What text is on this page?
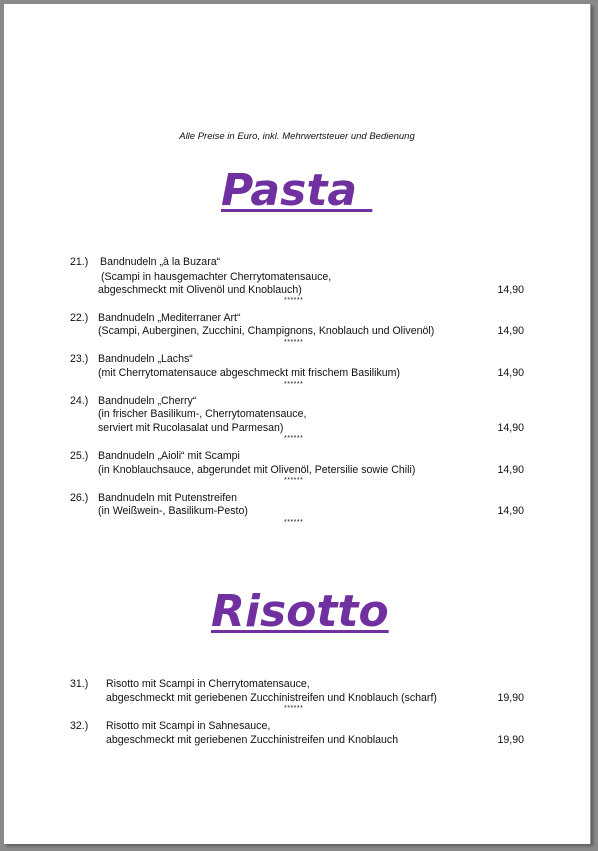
Alle Preise in Euro, inkl. Mehrwertsteuer und Bedienung
Pasta
21.) Bandnudeln „à la Buzara“
(Scampi in hausgemachter Cherrytomatensauce,
abgeschmeckt mit Olivenöl und Knoblauch)	14,90
******
22.) Bandnudeln „Mediterraner Art“
(Scampi, Auberginen, Zucchini, Champignons, Knoblauch und Olivenöl)	14,90
******
23.) Bandnudeln „Lachs“
(mit Cherrytomatensauce abgeschmeckt mit frischem Basilikum)	14,90
******
24.) Bandnudeln „Cherry“
(in frischer Basilikum-, Cherrytomatensauce,
serviert mit Rucolasalat und Parmesan)	14,90
******
25.) Bandnudeln „Aioli“ mit Scampi
(in Knoblauchsauce, abgerundet mit Olivenöl, Petersilie sowie Chili)	14,90
******
26.) Bandnudeln mit Putenstreifen
(in Weißwein-, Basilikum-Pesto)	14,90
******
Risotto
31.) Risotto mit Scampi in Cherrytomatensauce,
abgeschmeckt mit geriebenen Zucchinistreifen und Knoblauch (scharf)	19,90
******
32.) Risotto mit Scampi in Sahnesauce,
abgeschmeckt mit geriebenen Zucchinistreifen und Knoblauch	19,90
